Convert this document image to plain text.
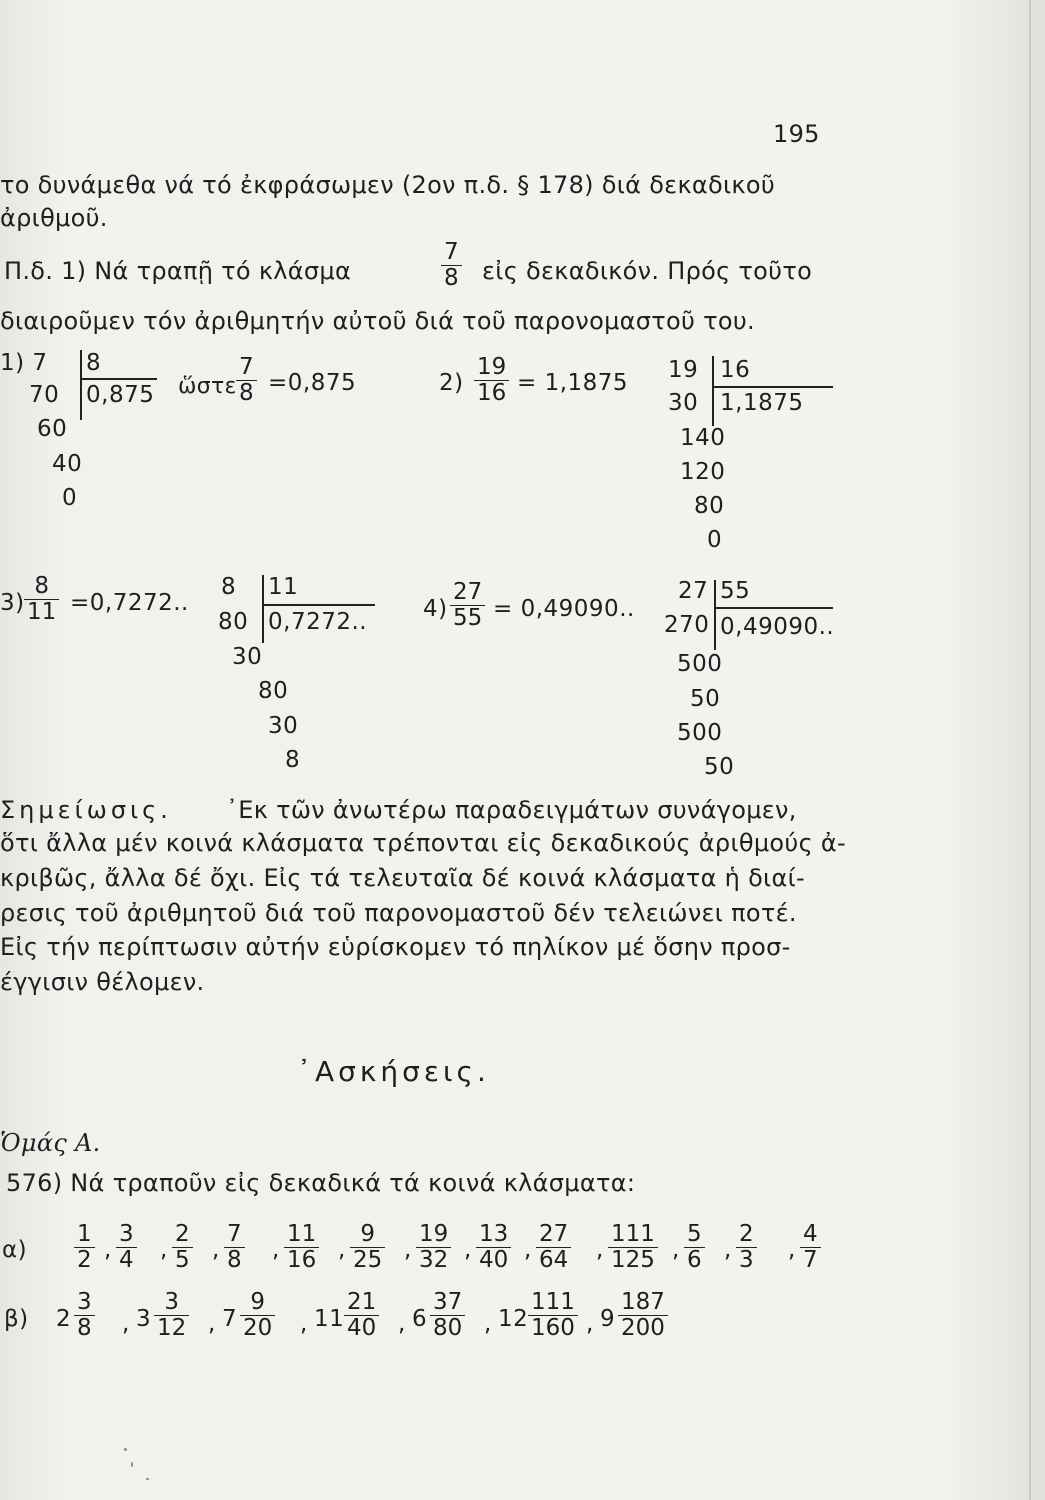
195
το δυνάμεθα νά τό ἐκφράσωμεν (2ον π.δ. § 178) διά δεκαδικοῦ
ἀριθμοῦ.
Π.δ. 1) Νά τραπῇ τό κλάσμα	$\frac{7}{8}$ εἰς δεκαδικόν. Πρός τοῦτο
διαιροῦμεν τόν ἀριθμητήν αὐτοῦ διά τοῦ παρονομαστοῦ του.
1) 7
70
60
40
0
8
0,875 ὥστε $\frac{7}{8} =0,875$	$2) \frac{19}{16} = 1,1875$ 19 16
1,1875
30
140
120
80
0
$3) \frac{8}{11} =0,7272$..
8 11
0,7272..
80
30
80
30
8
$4) \frac{27}{55} = 0,49090$..
27 55
0,49090..
270
500
50
500
50
Σημείωσις. ᾿Εκ τῶν ἀνωτέρω παραδειγμάτων συνάγομεν,
ὅτι ἄλλα μέν κοινά κλάσματα τρέπονται εἰς δεκαδικούς ἀριθμούς ἀ-
κριβῶς, ἄλλα δέ ὄχι. Εἰς τά τελευταῖα δέ κοινά κλάσματα ἡ διαί-
ρεσις τοῦ ἀριθμητοῦ διά τοῦ παρονομαστοῦ δέν τελειώνει ποτέ.
Εἰς τήν περίπτωσιν αὐτήν εὑρίσκομεν τό πηλίκον μέ ὅσην προσ-
έγγισιν θέλομεν.
᾿Ασκήσεις.
Ὁμάς Α.
576) Νά τραποῦν εἰς δεκαδικά τά κοινά κλάσματα:
$\alpha) \frac{1}{2}$ , $\frac{3}{4}$ , $\frac{2}{5}$ , $\frac{7}{8}$ , $\frac{11}{16}$ , $\frac{9}{25}$ , $\frac{19}{32}$ , $\frac{13}{40}$ , $\frac{27}{64}$ , $\frac{111}{125}$ , $\frac{5}{6}$ , $\frac{2}{3}$ , $\frac{4}{7}$
β) $2 \frac{3}{8}$ , $3 \frac{3}{12}$ , $7 \frac{9}{20}$ , $11 \frac{21}{40}$ , $6 \frac{37}{80}$ , $12 \frac{111}{160}$ , $9 \frac{187}{200}$
